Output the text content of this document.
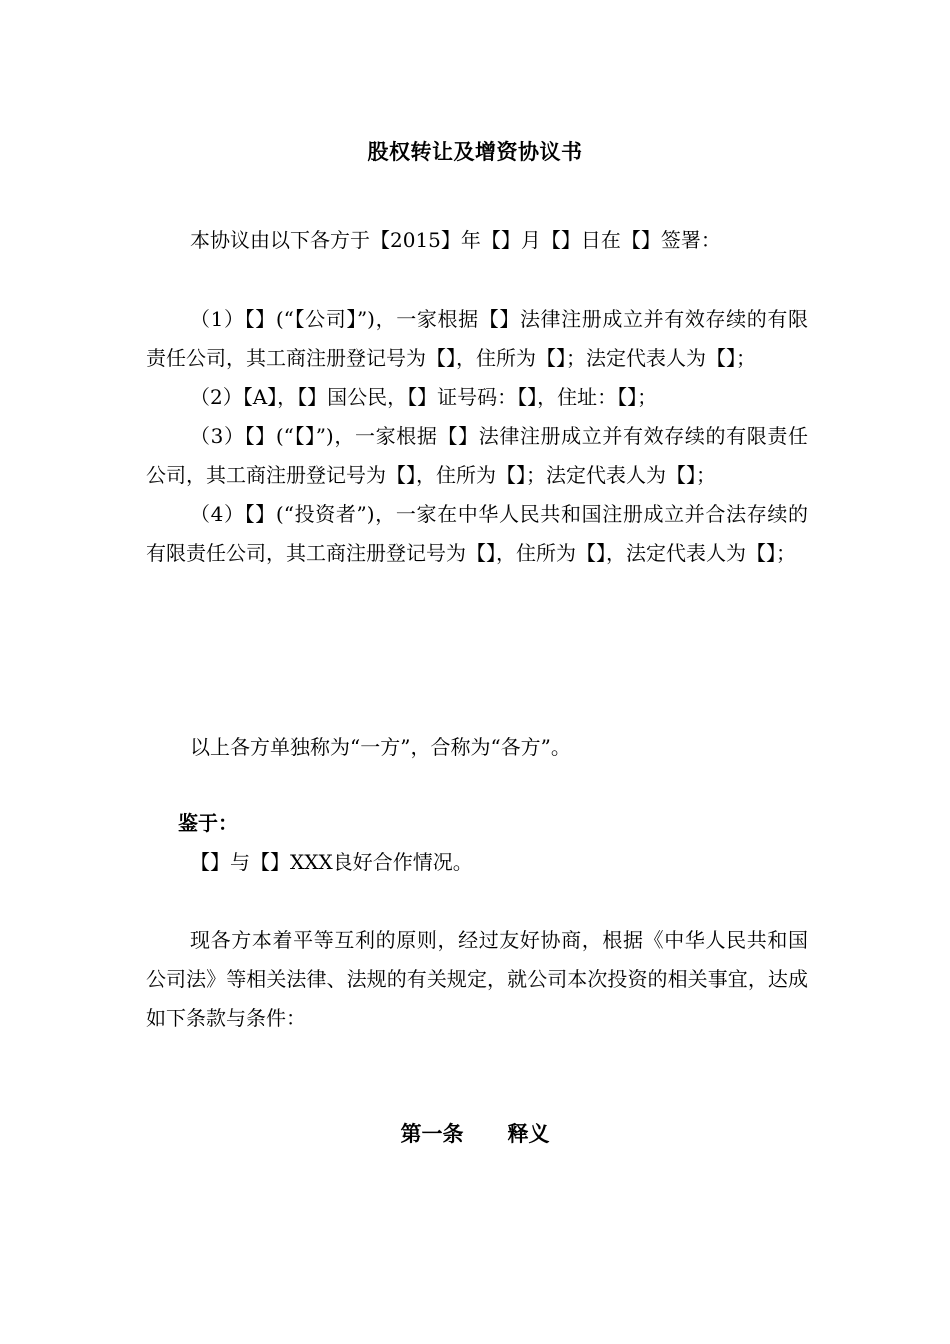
股权转让及增资协议书

本协议由以下各方于【2015】年【】月【】日在【】签署：

（1）【】(“【公司】”)，一家根据【】法律注册成立并有效存续的有限责任公司，其工商注册登记号为【】，住所为【】；法定代表人为【】；

（2）【A】，【】国公民，【】证号码：【】，住址：【】；

（3）【】(“【】”)，一家根据【】法律注册成立并有效存续的有限责任公司，其工商注册登记号为【】，住所为【】；法定代表人为【】；

（4）【】(“投资者”)，一家在中华人民共和国注册成立并合法存续的有限责任公司，其工商注册登记号为【】，住所为【】，法定代表人为【】；

以上各方单独称为“一方”，合称为“各方”。

鉴于：

【】与【】XXX良好合作情况。

现各方本着平等互利的原则，经过友好协商，根据《中华人民共和国公司法》等相关法律、法规的有关规定，就公司本次投资的相关事宜，达成如下条款与条件：

第一条 释义
